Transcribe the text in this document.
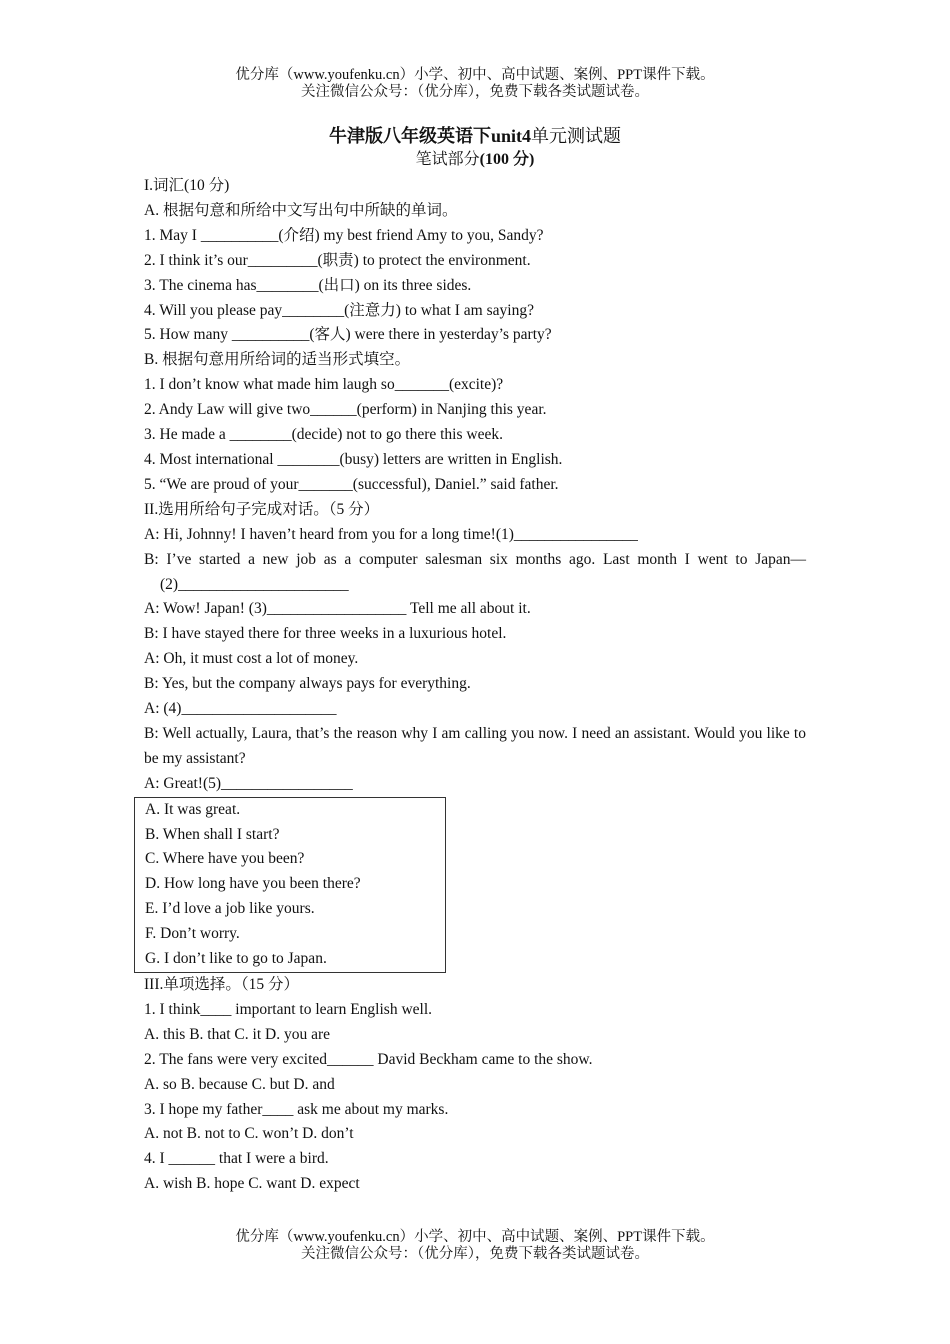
优分库（www.youfenku.cn）小学、初中、高中试题、案例、PPT课件下载。
关注微信公众号：（优分库），免费下载各类试题试卷。
牛津版八年级英语下unit4单元测试题
笔试部分(100 分)
I.词汇(10 分)
A. 根据句意和所给中文写出句中所缺的单词。
1. May I __________(介绍) my best friend Amy to you, Sandy?
2. I think it’s our_________(职责) to protect the environment.
3. The cinema has________(出口) on its three sides.
4. Will you please pay________(注意力) to what I am saying?
5. How many __________(客人) were there in yesterday’s party?
B. 根据句意用所给词的适当形式填空。
1. I don’t know what made him laugh so_______(excite)?
2. Andy Law will give two______(perform) in Nanjing this year.
3. He made a ________(decide) not to go there this week.
4. Most international ________(busy) letters are written in English.
5. “We are proud of your_______(successful), Daniel.” said father.
II.选用所给句子完成对话。（5 分）
A: Hi, Johnny! I haven’t heard from you for a long time!(1)________________
B: I’ve started a new job as a computer salesman six months ago. Last month I went to Japan—(2)______________________
A: Wow! Japan! (3)__________________ Tell me all about it.
B: I have stayed there for three weeks in a luxurious hotel.
A: Oh, it must cost a lot of money.
B: Yes, but the company always pays for everything.
A: (4)____________________
B: Well actually, Laura, that’s the reason why I am calling you now. I need an assistant. Would you like to be my assistant?
A: Great!(5)_________________
A. It was great.
B. When shall I start?
C. Where have you been?
D. How long have you been there?
E. I’d love a job like yours.
F. Don’t worry.
G. I don’t like to go to Japan.
III.单项选择。（15 分）
1. I think____ important to learn English well.
A. this B. that C. it D. you are
2. The fans were very excited______ David Beckham came to the show.
A. so B. because C. but D. and
3. I hope my father____ ask me about my marks.
A. not B. not to C. won’t D. don’t
4. I ______ that I were a bird.
A. wish B. hope C. want D. expect
优分库（www.youfenku.cn）小学、初中、高中试题、案例、PPT课件下载。
关注微信公众号：（优分库），免费下载各类试题试卷。
